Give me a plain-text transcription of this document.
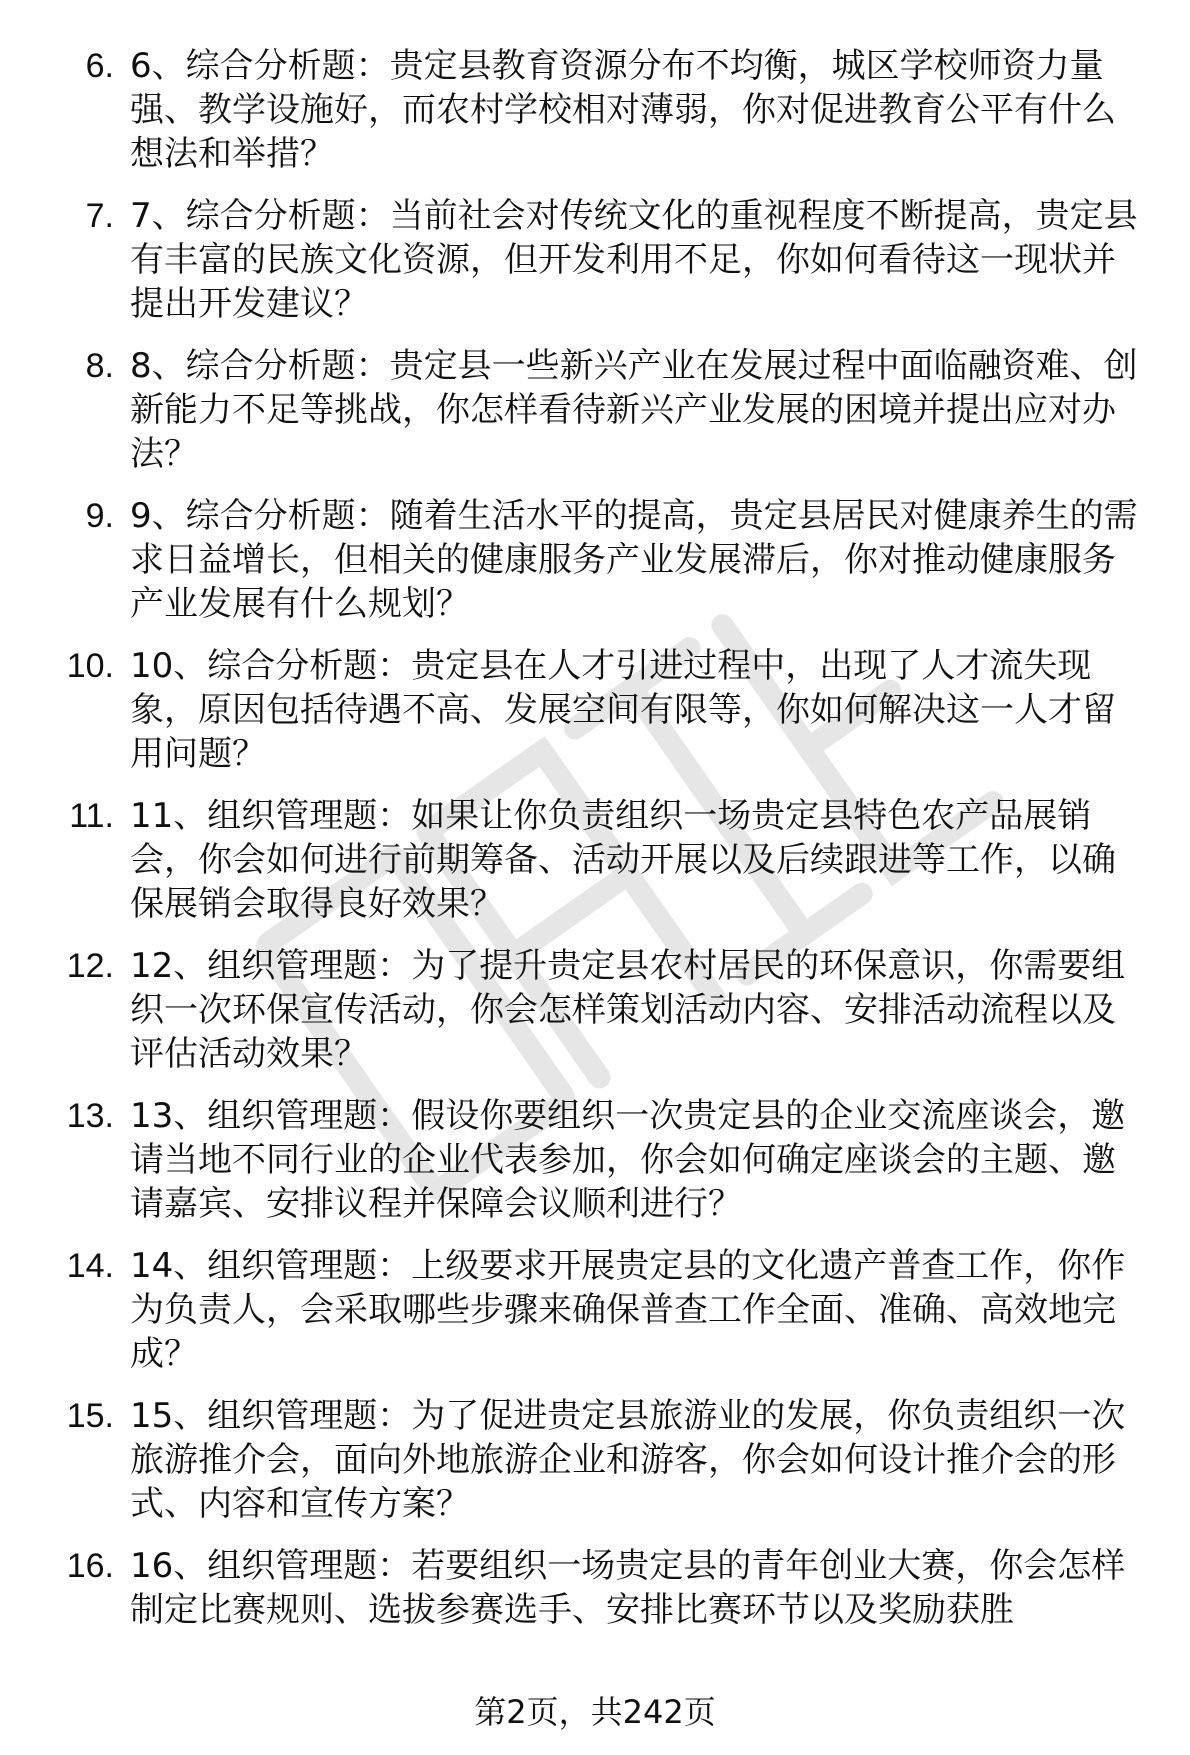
6. 6、综合分析题：贵定县教育资源分布不均衡，城区学校师资力量强、教学设施好，而农村学校相对薄弱，你对促进教育公平有什么想法和举措？
7. 7、综合分析题：当前社会对传统文化的重视程度不断提高，贵定县有丰富的民族文化资源，但开发利用不足，你如何看待这一现状并提出开发建议？
8. 8、综合分析题：贵定县一些新兴产业在发展过程中面临融资难、创新能力不足等挑战，你怎样看待新兴产业发展的困境并提出应对办法？
9. 9、综合分析题：随着生活水平的提高，贵定县居民对健康养生的需求日益增长，但相关的健康服务产业发展滞后，你对推动健康服务产业发展有什么规划？
10. 10、综合分析题：贵定县在人才引进过程中，出现了人才流失现象，原因包括待遇不高、发展空间有限等，你如何解决这一人才留用问题？
11. 11、组织管理题：如果让你负责组织一场贵定县特色农产品展销会，你会如何进行前期筹备、活动开展以及后续跟进等工作，以确保展销会取得良好效果？
12. 12、组织管理题：为了提升贵定县农村居民的环保意识，你需要组织一次环保宣传活动，你会怎样策划活动内容、安排活动流程以及评估活动效果？
13. 13、组织管理题：假设你要组织一次贵定县的企业交流座谈会，邀请当地不同行业的企业代表参加，你会如何确定座谈会的主题、邀请嘉宾、安排议程并保障会议顺利进行？
14. 14、组织管理题：上级要求开展贵定县的文化遗产普查工作，你作为负责人，会采取哪些步骤来确保普查工作全面、准确、高效地完成？
15. 15、组织管理题：为了促进贵定县旅游业的发展，你负责组织一次旅游推介会，面向外地旅游企业和游客，你会如何设计推介会的形式、内容和宣传方案？
16. 16、组织管理题：若要组织一场贵定县的青年创业大赛，你会怎样制定比赛规则、选拔参赛选手、安排比赛环节以及奖励获胜
第2页，共242页
